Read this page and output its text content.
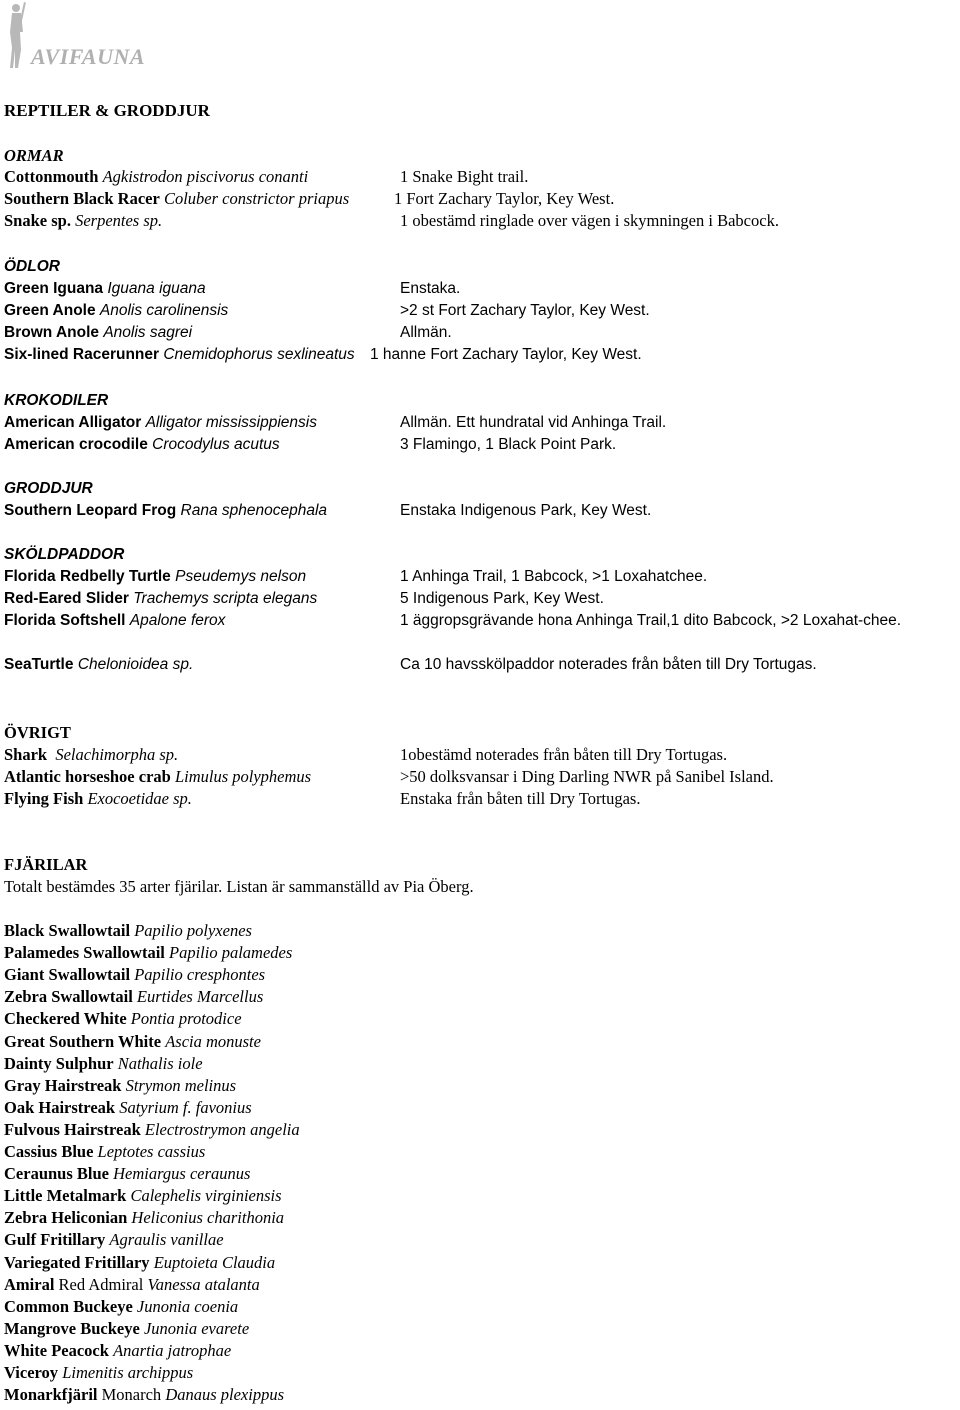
AVIFAUNA
REPTILER & GRODDJUR
ORMAR
Cottonmouth Agkistrodon piscivorus conanti	1 Snake Bight trail.
Southern Black Racer Coluber constrictor priapus	1 Fort Zachary Taylor, Key West.
Snake sp. Serpentes sp.	1 obestämd ringlade over vägen i skymningen i Babcock.
ÖDLOR
Green Iguana Iguana iguana	Enstaka.
Green Anole Anolis carolinensis	>2 st Fort Zachary Taylor, Key West.
Brown Anole Anolis sagrei	Allmän.
Six-lined Racerunner Cnemidophorus sexlineatus 1 hanne Fort Zachary Taylor, Key West.
KROKODILER
American Alligator Alligator mississippiensis	Allmän. Ett hundratal vid Anhinga Trail.
American crocodile Crocodylus acutus	3 Flamingo, 1 Black Point Park.
GRODDJUR
Southern Leopard Frog Rana sphenocephala	Enstaka Indigenous Park, Key West.
SKÖLDPADDOR
Florida Redbelly Turtle Pseudemys nelson	1 Anhinga Trail, 1 Babcock, >1 Loxahatchee.
Red-Eared Slider Trachemys scripta elegans	5 Indigenous Park, Key West.
Florida Softshell Apalone ferox	1 äggropsgrävande hona Anhinga Trail,1 dito Babcock, >2 Loxahat-chee.
SeaTurtle Chelonioidea sp.	Ca 10 havsskölpaddor noterades från båten till Dry Tortugas.
ÖVRIGT
Shark Selachimorpha sp.	1obestämd noterades från båten till Dry Tortugas.
Atlantic horseshoe crab Limulus polyphemus	>50 dolksvansar i Ding Darling NWR på Sanibel Island.
Flying Fish Exocoetidae sp.	Enstaka från båten till Dry Tortugas.
FJÄRILAR
Totalt bestämdes 35 arter fjärilar. Listan är sammanställd av Pia Öberg.
Black Swallowtail Papilio polyxenes
Palamedes Swallowtail Papilio palamedes
Giant Swallowtail Papilio cresphontes
Zebra Swallowtail Eurtides Marcellus
Checkered White Pontia protodice
Great Southern White Ascia monuste
Dainty Sulphur Nathalis iole
Gray Hairstreak Strymon melinus
Oak Hairstreak Satyrium f. favonius
Fulvous Hairstreak Electrostrymon angelia
Cassius Blue Leptotes cassius
Ceraunus Blue Hemiargus ceraunus
Little Metalmark Calephelis virginiensis
Zebra Heliconian Heliconius charithonia
Gulf Fritillary Agraulis vanillae
Variegated Fritillary Euptoieta Claudia
Amiral Red Admiral Vanessa atalanta
Common Buckeye Junonia coenia
Mangrove Buckeye Junonia evarete
White Peacock Anartia jatrophae
Viceroy Limenitis archippus
Monarkfjäril Monarch Danaus plexippus
